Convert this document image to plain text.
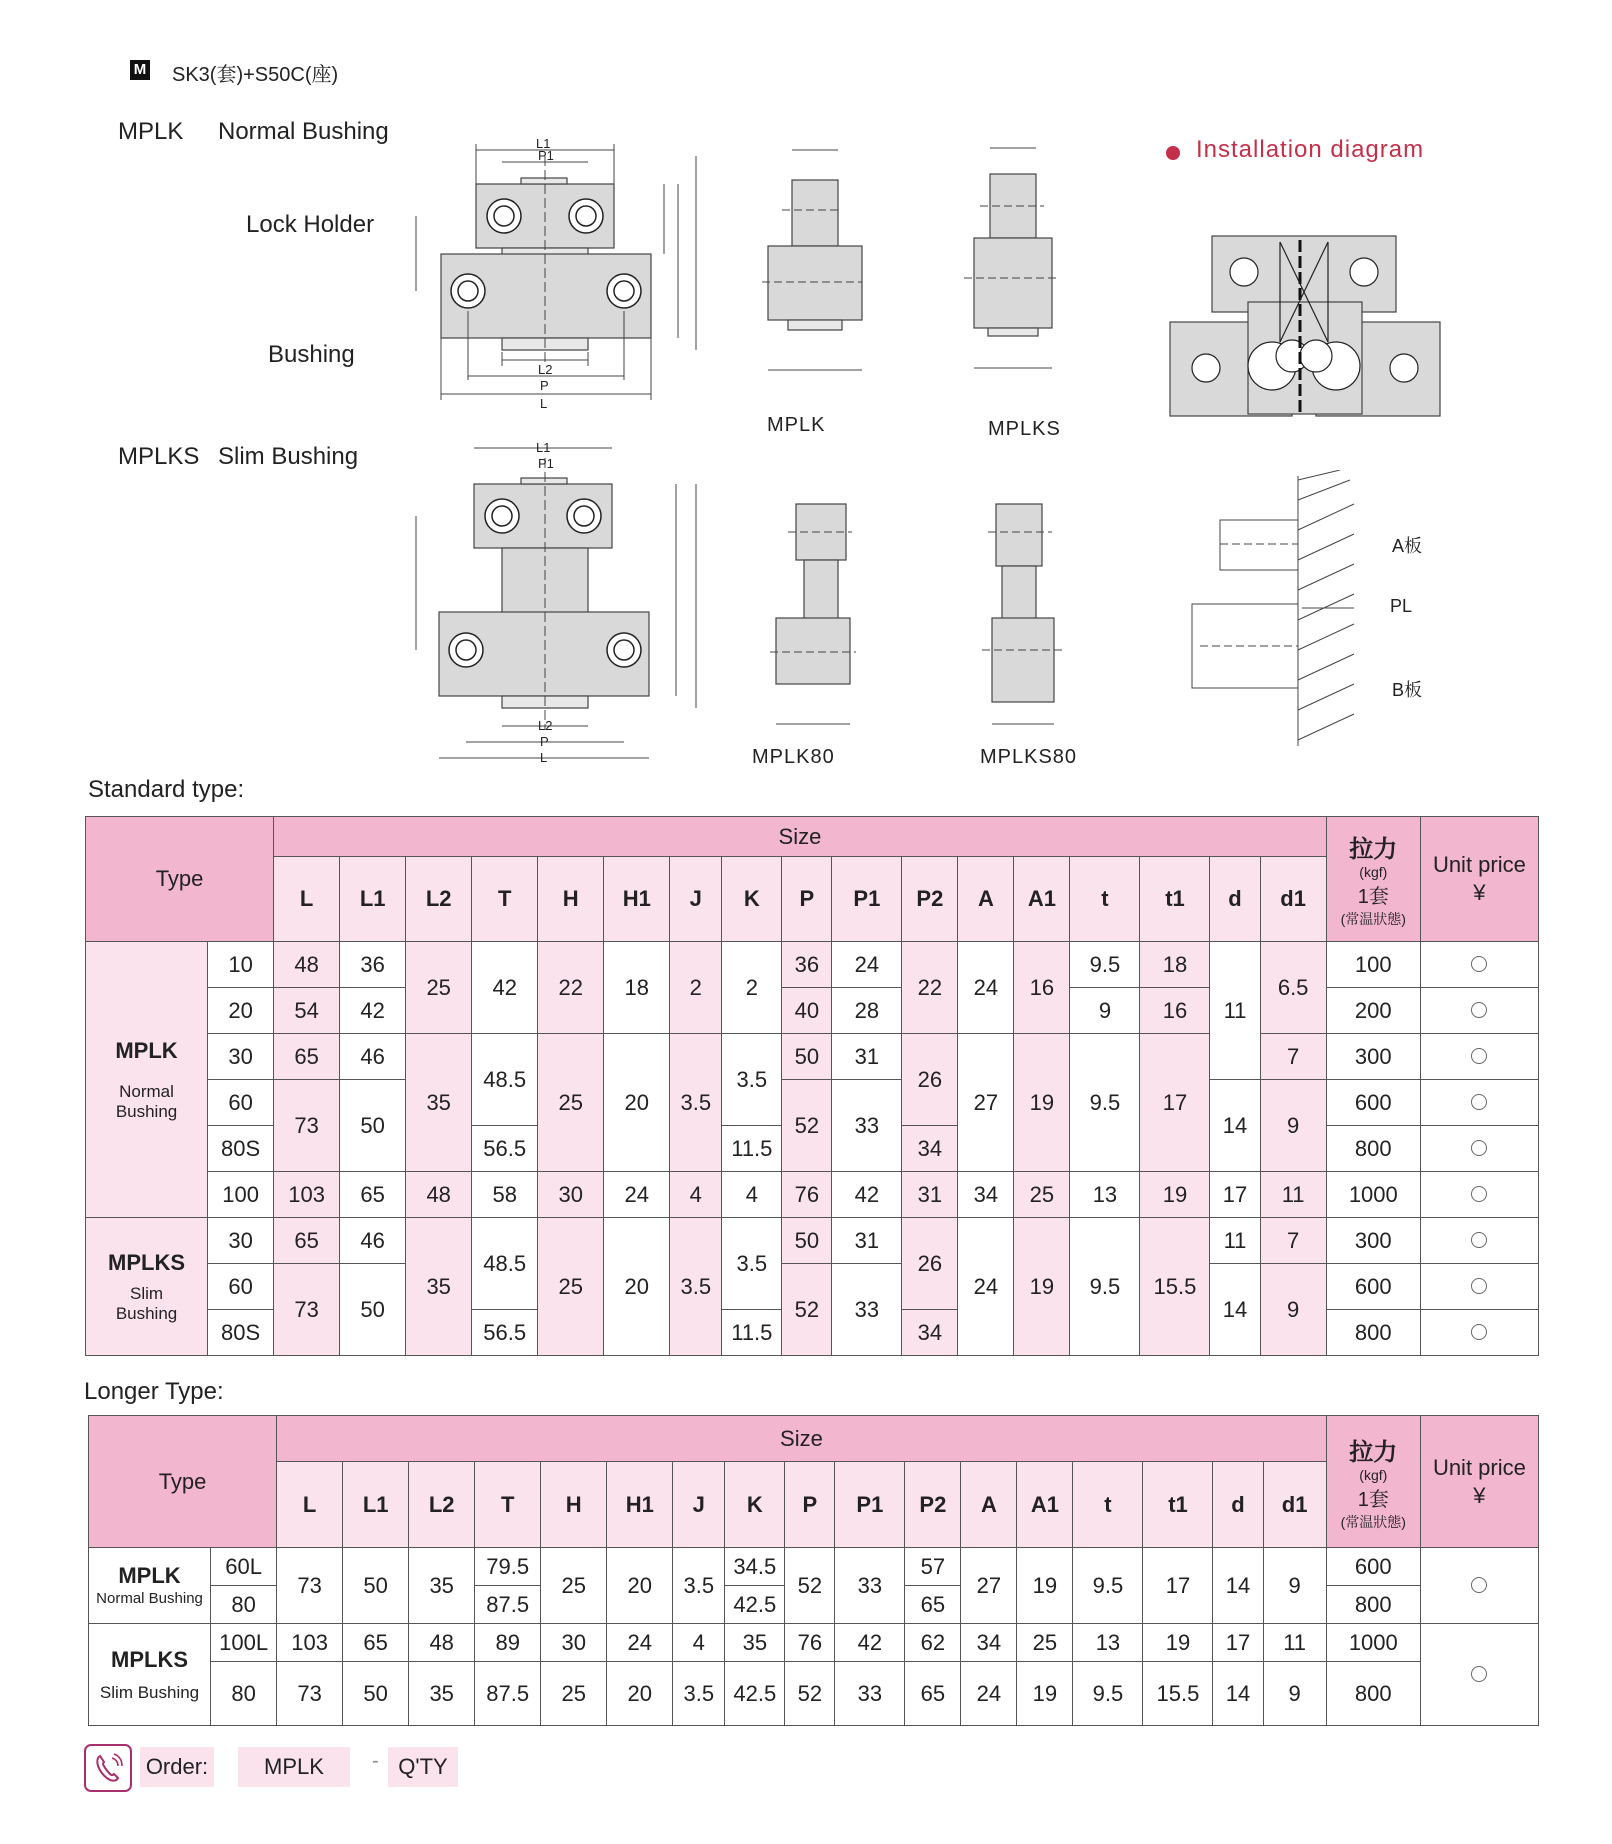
M SK3(套)+S50C(座)
MPLK Normal Bushing
Lock Holder
Bushing
MPLKS Slim Bushing
L1
P1
L2
P
L
L1
P1
L2
P
L
MPLK	MPLKS
MPLK80	MPLKS80
Installation diagram
A板
PL
B板
Standard type:
Type		Size																	拉力
(kgf)
1套
(常温狀態)	Unit price
¥
		L	L1	L2	T	H	H1	J	K	P	P1	P2	A	A1	t	t1	d	d1		

MPLK
Normal
Bushing	10	48	36	25	42	22	18	2	2	36	24	22	24	16	9.5	18	11	6.5	100	
	20	54	42							40	28				9	16			200	
	30	65	46	35	48.5	25	20	3.5	3.5	50	31	26	27	19	9.5	17		7	300	
	60	73	50							52	33						14	9	600	
	80S				56.5				11.5			34							800	
	100	103	65	48	58	30	24	4	4	76	42	31	34	25	13	19	17	11	1000	

MPLKS
Slim
Bushing	30	65	46	35	48.5	25	20	3.5	3.5	50	31	26	24	19	9.5	15.5	11	7	300	
	60	73	50							52	33						14	9	600	
	80S				56.5				11.5			34							800	
Longer Type:
Type		Size																	拉力
(kgf)
1套
(常温狀態)	Unit price
¥
		L	L1	L2	T	H	H1	J	K	P	P1	P2	A	A1	t	t1	d	d1		

MPLK
Normal Bushing	60L	73	50	35	79.5	25	20	3.5	34.5	52	33	57	27	19	9.5	17	14	9	600	
	80				87.5				42.5			65							800	

MPLKS
Slim Bushing	100L	103	65	48	89	30	24	4	35	76	42	62	34	25	13	19	17	11	1000	
	80	73	50	35	87.5	25	20	3.5	42.5	52	33	65	24	19	9.5	15.5	14	9	800	
Order:	MPLK	- Q'TY
